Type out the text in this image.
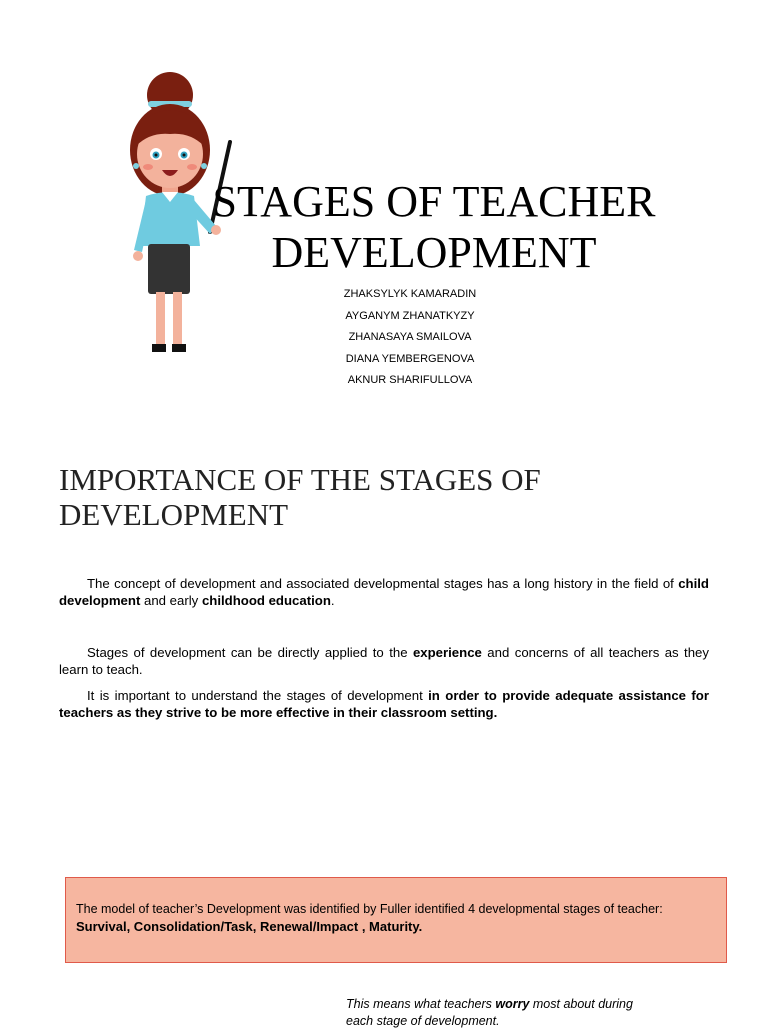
STAGES OF TEACHER
DEVELOPMENT
ZHAKSYLYK KAMARADIN
AYGANYM ZHANATKYZY
ZHANASAYA SMAILOVA
DIANA YEMBERGENOVA
AKNUR SHARIFULLOVA
IMPORTANCE OF THE STAGES OF DEVELOPMENT

The concept of development and associated developmental stages has a long history in the field of child development and early childhood education.

Stages of development can be directly applied to the experience and concerns of all teachers as they learn to teach.

It is important to understand the stages of development in order to provide adequate assistance for teachers as they strive to be more effective in their classroom setting.

The model of teacher’s Development was identified by Fuller identified 4 developmental stages of teacher:
Survival, Consolidation/Task, Renewal/Impact , Maturity.
This means what teachers worry most about during each stage of development.
